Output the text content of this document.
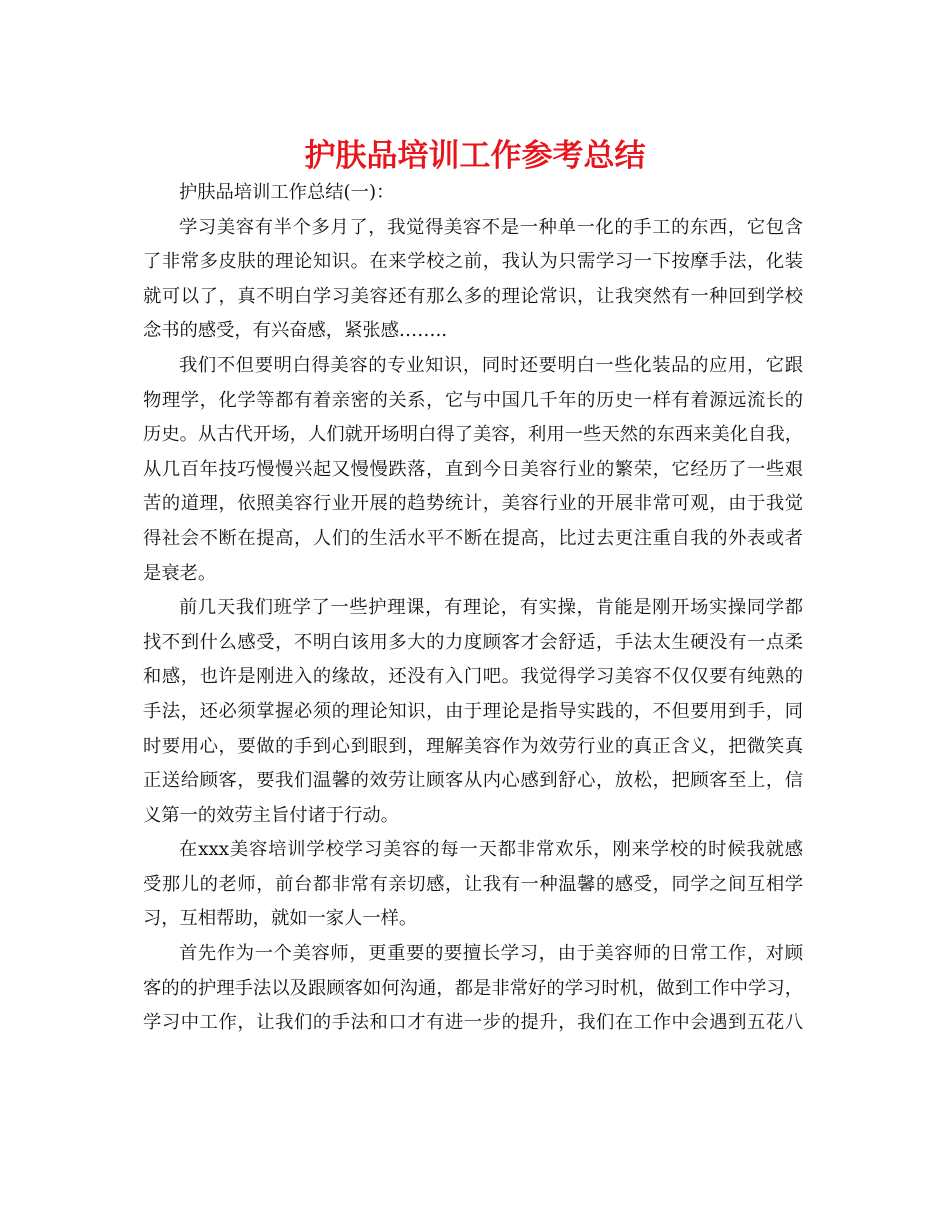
护肤品培训工作参考总结
护肤品培训工作总结(一)：
学习美容有半个多月了，我觉得美容不是一种单一化的手工的东西，它包含
了非常多皮肤的理论知识。在来学校之前，我认为只需学习一下按摩手法，化装
就可以了，真不明白学习美容还有那么多的理论常识，让我突然有一种回到学校
念书的感受，有兴奋感，紧张感……..
我们不但要明白得美容的专业知识，同时还要明白一些化装品的应用，它跟
物理学，化学等都有着亲密的关系，它与中国几千年的历史一样有着源远流长的
历史。从古代开场，人们就开场明白得了美容，利用一些天然的东西来美化自我，
从几百年技巧慢慢兴起又慢慢跌落，直到今日美容行业的繁荣，它经历了一些艰
苦的道理，依照美容行业开展的趋势统计，美容行业的开展非常可观，由于我觉
得社会不断在提高，人们的生活水平不断在提高，比过去更注重自我的外表或者
是衰老。
前几天我们班学了一些护理课，有理论，有实操，肯能是刚开场实操同学都
找不到什么感受，不明白该用多大的力度顾客才会舒适，手法太生硬没有一点柔
和感，也许是刚进入的缘故，还没有入门吧。我觉得学习美容不仅仅要有纯熟的
手法，还必须掌握必须的理论知识，由于理论是指导实践的，不但要用到手，同
时要用心，要做的手到心到眼到，理解美容作为效劳行业的真正含义，把微笑真
正送给顾客，要我们温馨的效劳让顾客从内心感到舒心，放松，把顾客至上，信
义第一的效劳主旨付诸于行动。
在xxx美容培训学校学习美容的每一天都非常欢乐，刚来学校的时候我就感
受那儿的老师，前台都非常有亲切感，让我有一种温馨的感受，同学之间互相学
习，互相帮助，就如一家人一样。
首先作为一个美容师，更重要的要擅长学习，由于美容师的日常工作，对顾
客的的护理手法以及跟顾客如何沟通，都是非常好的学习时机，做到工作中学习，
学习中工作，让我们的手法和口才有进一步的提升，我们在工作中会遇到五花八
